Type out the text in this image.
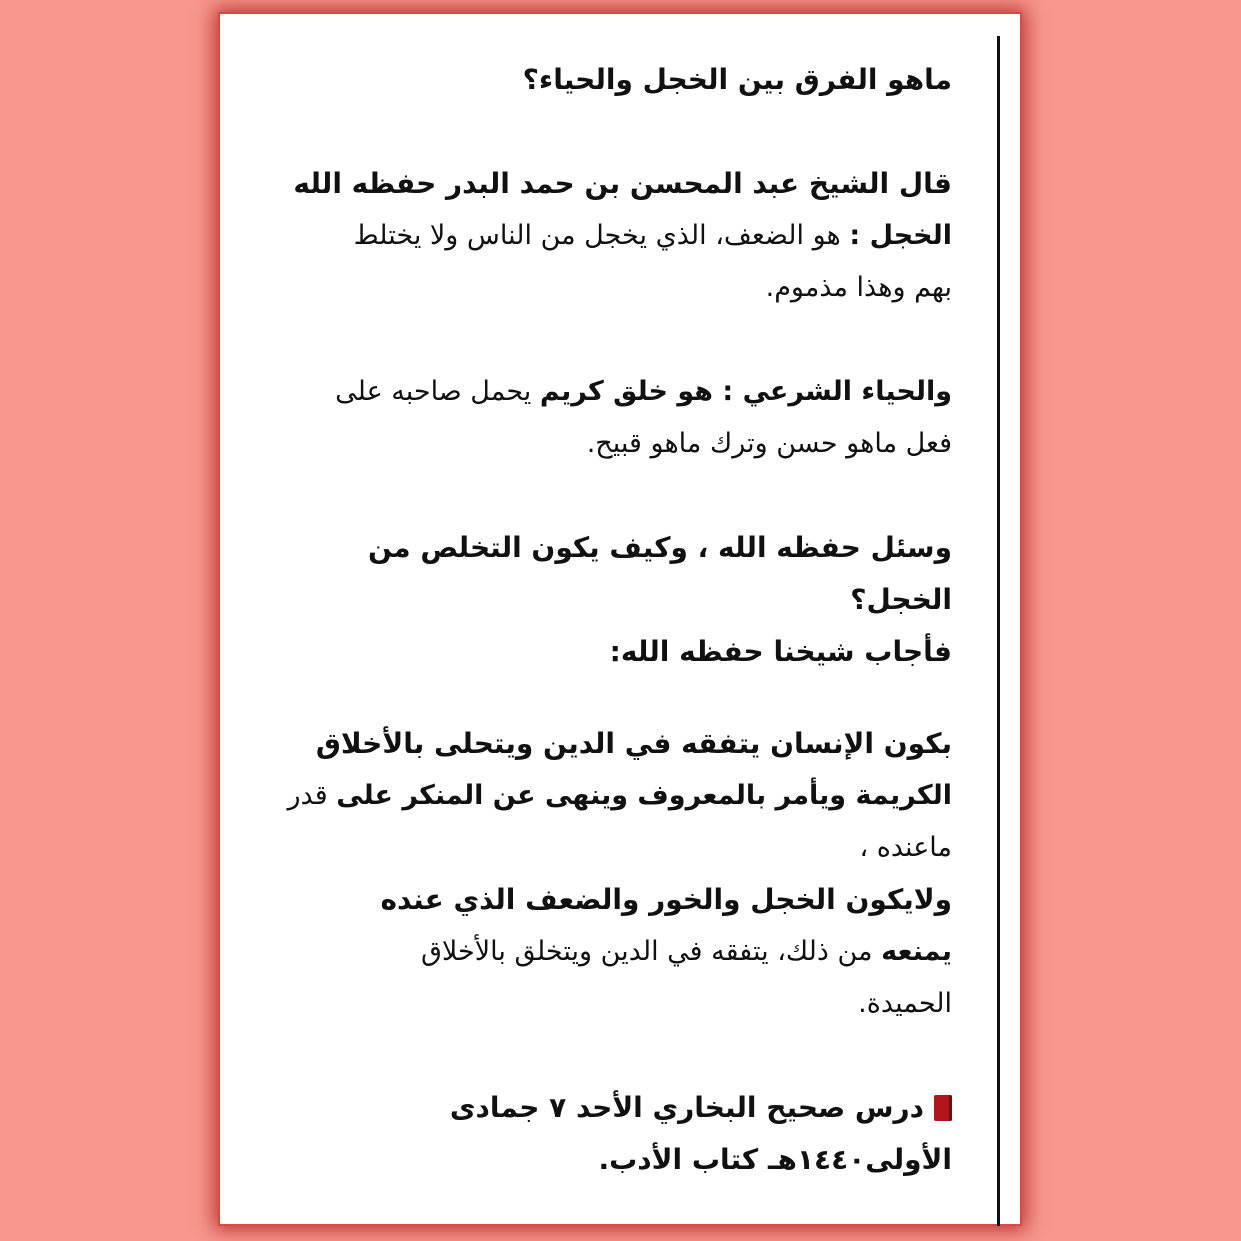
ماهو الفرق بين الخجل والحياء؟
قال الشيخ عبد المحسن بن حمد البدر حفظه الله
الخجل : هو الضعف، الذي يخجل من الناس ولا يختلط
بهم وهذا مذموم.
والحياء الشرعي : هو خلق كريم يحمل صاحبه على
فعل ماهو حسن وترك ماهو قبيح.
وسئل حفظه الله ، وكيف يكون التخلص من
الخجل؟
فأجاب شيخنا حفظه الله:
بكون الإنسان يتفقه في الدين ويتحلى بالأخلاق
الكريمة ويأمر بالمعروف وينهى عن المنكر على قدر
ماعنده ،
ولايكون الخجل والخور والضعف الذي عنده
يمنعه من ذلك، يتفقه في الدين ويتخلق بالأخلاق
الحميدة.
درس صحيح البخاري الأحد ٧ جمادى
الأولى١٤٤٠هـ كتاب الأدب.
